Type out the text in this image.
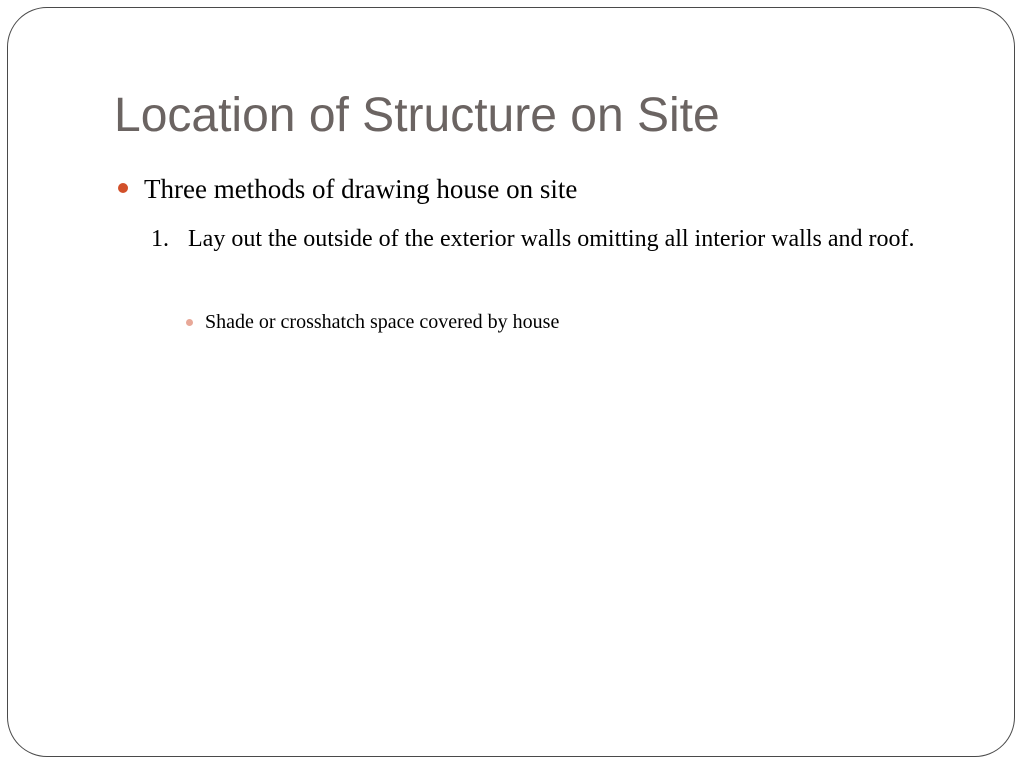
Location of Structure on Site
Three methods of drawing house on site
1. Lay out the outside of the exterior walls omitting all interior walls and roof.
Shade or crosshatch space covered by house
